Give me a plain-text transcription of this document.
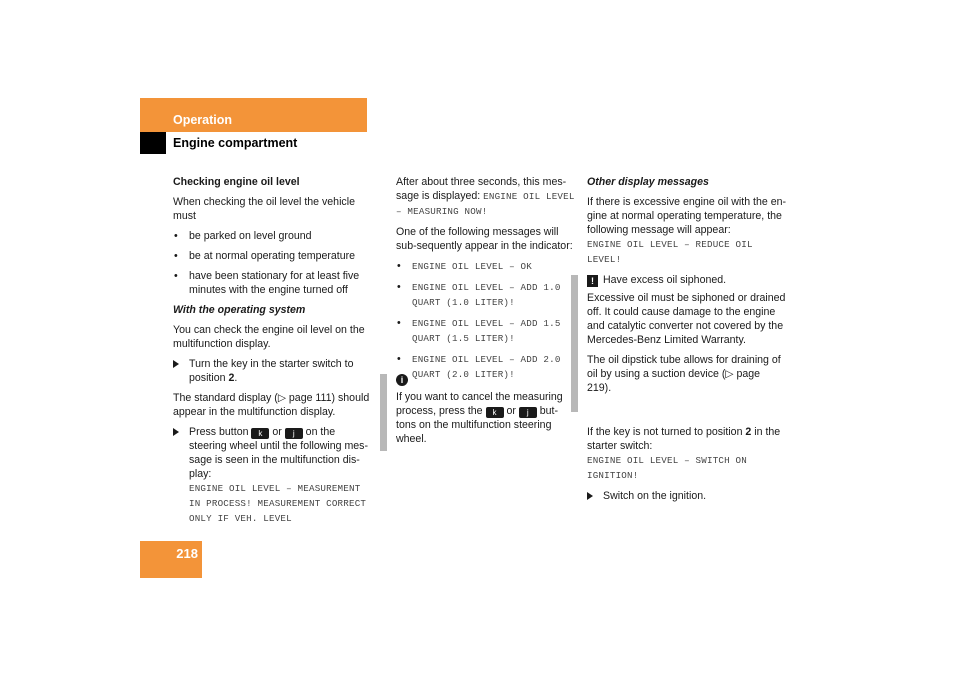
Operation
Engine compartment
218

Checking engine oil level

When checking the oil level the vehicle must

• be parked on level ground
• be at normal operating temperature
• have been stationary for at least five minutes with the engine turned off

With the operating system

You can check the engine oil level on the multifunction display.

Turn the key in the starter switch to position 2.

The standard display (▷ page 111) should appear in the multifunction display.

Press button k or j on the steering wheel until the following mes-sage is seen in the multifunction dis-play:
ENGINE OIL LEVEL – MEASUREMENT IN PROCESS! MEASUREMENT CORRECT ONLY IF VEH. LEVEL

After about three seconds, this mes-sage is displayed: ENGINE OIL LEVEL – MEASURING NOW!

One of the following messages will sub-sequently appear in the indicator:

• ENGINE OIL LEVEL – OK
• ENGINE OIL LEVEL – ADD 1.0 QUART (1.0 LITER)!
• ENGINE OIL LEVEL – ADD 1.5 QUART (1.5 LITER)!
• ENGINE OIL LEVEL – ADD 2.0 QUART (2.0 LITER)!
i

If you want to cancel the measuring process, press the k or j but-tons on the multifunction steering wheel.

Other display messages

If there is excessive engine oil with the en-gine at normal operating temperature, the following message will appear:
ENGINE OIL LEVEL – REDUCE OIL LEVEL!

Have excess oil siphoned.
!

Excessive oil must be siphoned or drained off. It could cause damage to the engine and catalytic converter not covered by the Mercedes-Benz Limited Warranty.

The oil dipstick tube allows for draining of oil by using a suction device (▷ page 219).

If the key is not turned to position 2 in the starter switch:
ENGINE OIL LEVEL – SWITCH ON IGNITION!

Switch on the ignition.
